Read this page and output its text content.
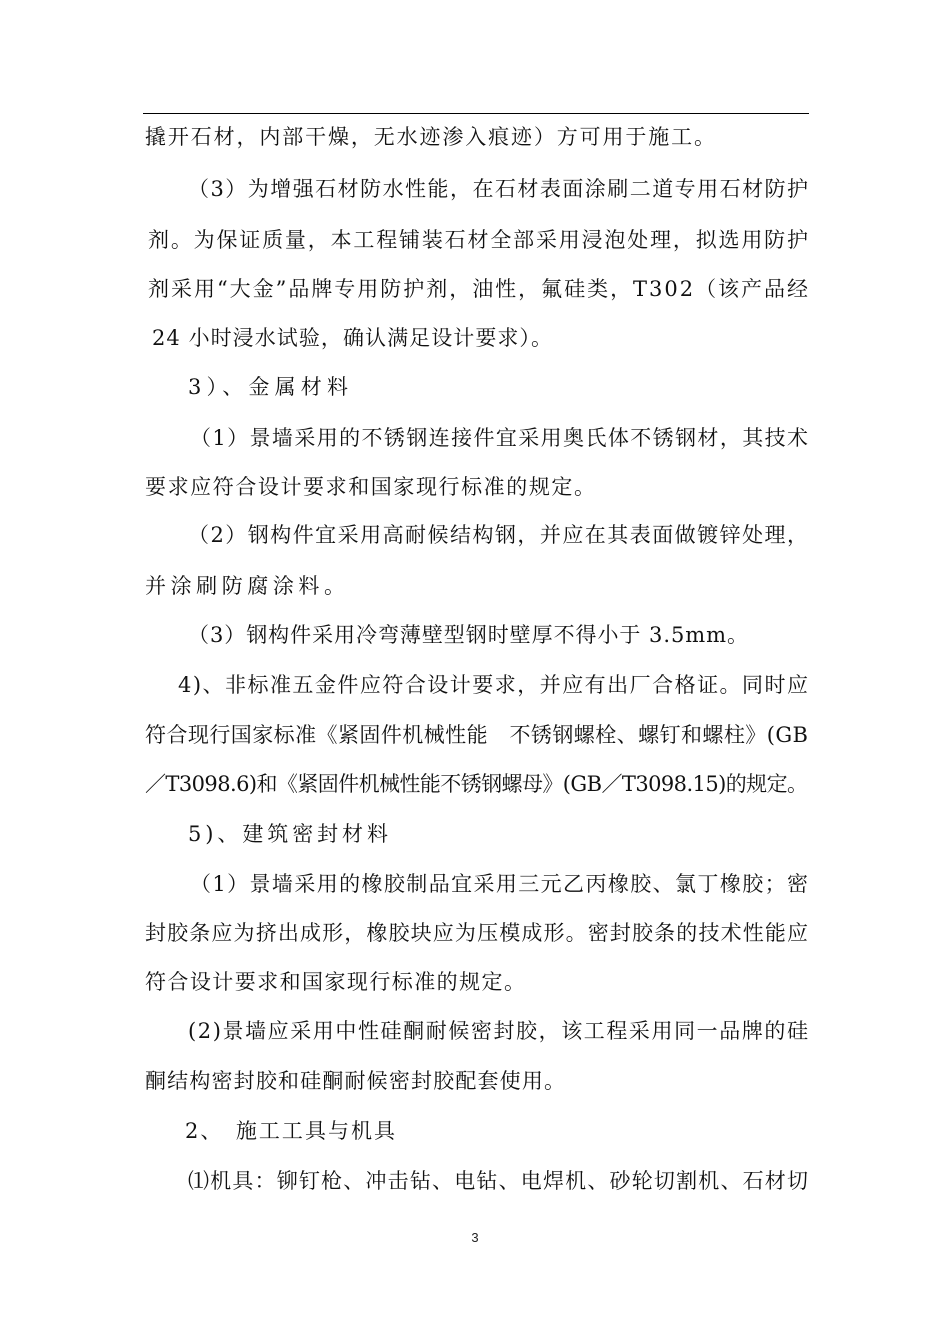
撬开石材，内部干燥，无水迹渗入痕迹）方可用于施工。
（3）为增强石材防水性能，在石材表面涂刷二道专用石材防护
剂。为保证质量，本工程铺装石材全部采用浸泡处理，拟选用防护
剂采用“大金”品牌专用防护剂，油性，氟硅类，T302（该产品经
24 小时浸水试验，确认满足设计要求）。
3）、金属材料
（1）景墙采用的不锈钢连接件宜采用奥氏体不锈钢材，其技术
要求应符合设计要求和国家现行标准的规定。
（2）钢构件宜采用高耐候结构钢，并应在其表面做镀锌处理，
并涂刷防腐涂料。
（3）钢构件采用冷弯薄壁型钢时壁厚不得小于 3.5mm。
4)、非标准五金件应符合设计要求，并应有出厂合格证。同时应
符合现行国家标准《紧固件机械性能　不锈钢螺栓、螺钉和螺柱》(GB
／T3098.6)和《紧固件机械性能不锈钢螺母》(GB／T3098.15)的规定。
5)、建筑密封材料
（1）景墙采用的橡胶制品宜采用三元乙丙橡胶、氯丁橡胶；密
封胶条应为挤出成形，橡胶块应为压模成形。密封胶条的技术性能应
符合设计要求和国家现行标准的规定。
(2)景墙应采用中性硅酮耐候密封胶，该工程采用同一品牌的硅
酮结构密封胶和硅酮耐候密封胶配套使用。
2、　施工工具与机具
⑴机具：铆钉枪、冲击钻、电钻、电焊机、砂轮切割机、石材切
3
